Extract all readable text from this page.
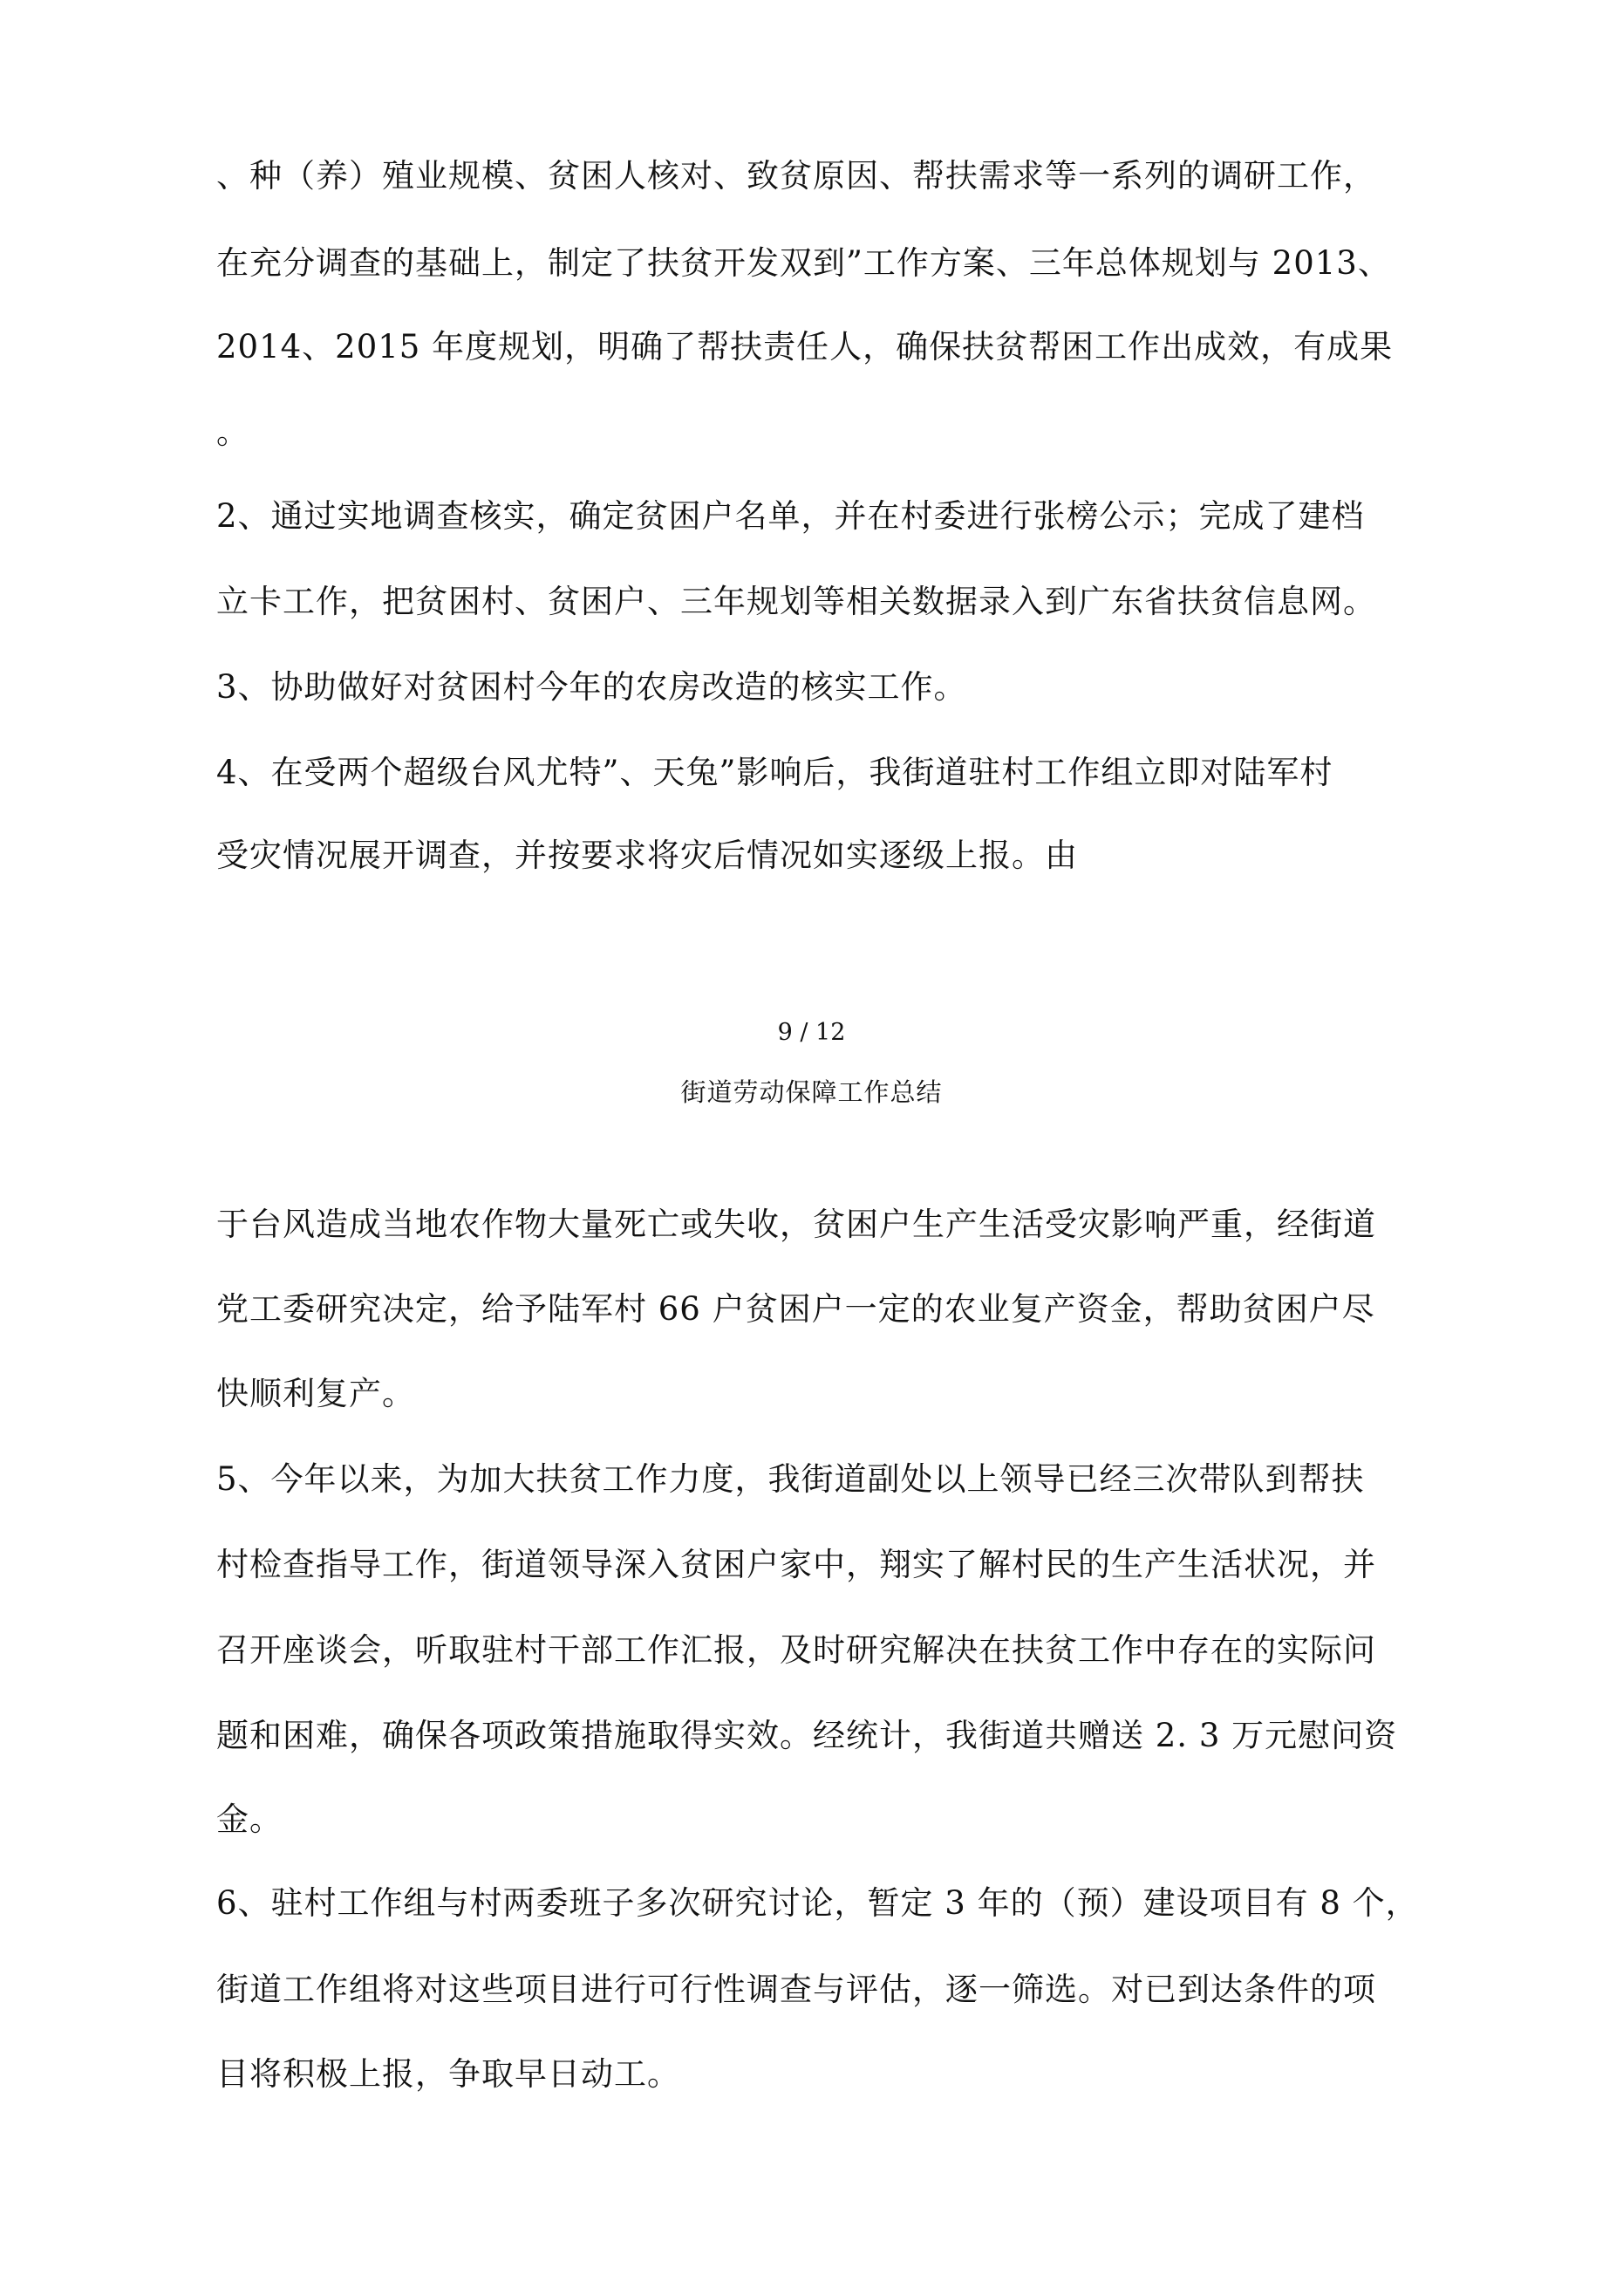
、种（养）殖业规模、贫困人核对、致贫原因、帮扶需求等一系列的调研工作，
在充分调查的基础上，制定了扶贫开发双到”工作方案、三年总体规划与 2013、
2014、2015 年度规划，明确了帮扶责任人，确保扶贫帮困工作出成效，有成果
。
2、通过实地调查核实，确定贫困户名单，并在村委进行张榜公示；完成了建档
立卡工作，把贫困村、贫困户、三年规划等相关数据录入到广东省扶贫信息网。
3、协助做好对贫困村今年的农房改造的核实工作。
4、在受两个超级台风尤特”、天兔”影响后，我街道驻村工作组立即对陆军村
受灾情况展开调查，并按要求将灾后情况如实逐级上报。由
9 / 12
街道劳动保障工作总结
于台风造成当地农作物大量死亡或失收，贫困户生产生活受灾影响严重，经街道
党工委研究决定，给予陆军村 66 户贫困户一定的农业复产资金，帮助贫困户尽
快顺利复产。
5、今年以来，为加大扶贫工作力度，我街道副处以上领导已经三次带队到帮扶
村检查指导工作，街道领导深入贫困户家中，翔实了解村民的生产生活状况，并
召开座谈会，听取驻村干部工作汇报，及时研究解决在扶贫工作中存在的实际问
题和困难，确保各项政策措施取得实效。经统计，我街道共赠送 2. 3 万元慰问资
金。
6、驻村工作组与村两委班子多次研究讨论，暂定 3 年的（预）建设项目有 8 个，
街道工作组将对这些项目进行可行性调查与评估，逐一筛选。对已到达条件的项
目将积极上报，争取早日动工。
